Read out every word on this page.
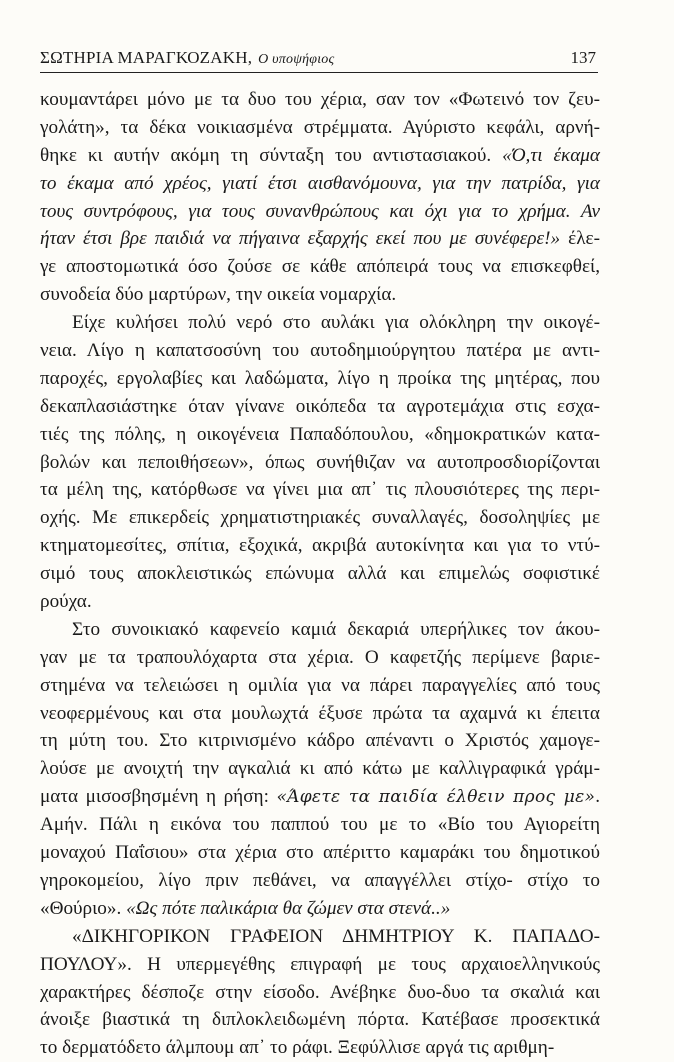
ΣΩΤΗΡΙΑ ΜΑΡΑΓΚΟΖΑΚΗ, Ο υποψήφιος	137
κουμαντάρει μόνο με τα δυο του χέρια, σαν τον «Φωτεινό τον ζευ-
γολάτη», τα δέκα νοικιασμένα στρέμματα. Αγύριστο κεφάλι, αρνή-
θηκε κι αυτήν ακόμη τη σύνταξη του αντιστασιακού. «Ό,τι έκαμα
το έκαμα από χρέος, γιατί έτσι αισθανόμουνα, για την πατρίδα, για
τους συντρόφους, για τους συνανθρώπους και όχι για το χρήμα. Αν
ήταν έτσι βρε παιδιά να πήγαινα εξαρχής εκεί που με συνέφερε!» έλε-
γε αποστομωτικά όσο ζούσε σε κάθε απόπειρά τους να επισκεφθεί,
συνοδεία δύο μαρτύρων, την οικεία νομαρχία.
Είχε κυλήσει πολύ νερό στο αυλάκι για ολόκληρη την οικογέ-
νεια. Λίγο η καπατσοσύνη του αυτοδημιούργητου πατέρα με αντι-
παροχές, εργολαβίες και λαδώματα, λίγο η προίκα της μητέρας, που
δεκαπλασιάστηκε όταν γίνανε οικόπεδα τα αγροτεμάχια στις εσχα-
τιές της πόλης, η οικογένεια Παπαδόπουλου, «δημοκρατικών κατα-
βολών και πεποιθήσεων», όπως συνήθιζαν να αυτοπροσδιορίζονται
τα μέλη της, κατόρθωσε να γίνει μια απ᾽ τις πλουσιότερες της περι-
οχής. Με επικερδείς χρηματιστηριακές συναλλαγές, δοσοληψίες με
κτηματομεσίτες, σπίτια, εξοχικά, ακριβά αυτοκίνητα και για το ντύ-
σιμό τους αποκλειστικώς επώνυμα αλλά και επιμελώς σοφιστικέ
ρούχα.
Στο συνοικιακό καφενείο καμιά δεκαριά υπερήλικες τον άκου-
γαν με τα τραπουλόχαρτα στα χέρια. Ο καφετζής περίμενε βαριε-
στημένα να τελειώσει η ομιλία για να πάρει παραγγελίες από τους
νεοφερμένους και στα μουλωχτά έξυσε πρώτα τα αχαμνά κι έπειτα
τη μύτη του. Στο κιτρινισμένο κάδρο απέναντι ο Χριστός χαμογε-
λούσε με ανοιχτή την αγκαλιά κι από κάτω με καλλιγραφικά γράμ-
ματα μισοσβησμένη η ρήση: «Άφετε τα παιδία έλθειν προς με».
Αμήν. Πάλι η εικόνα του παππού του με το «Βίο του Αγιορείτη
μοναχού Παΐσιου» στα χέρια στο απέριττο καμαράκι του δημοτικού
γηροκομείου, λίγο πριν πεθάνει, να απαγγέλλει στίχο- στίχο το
«Θούριο». «Ως πότε παλικάρια θα ζώμεν στα στενά..»
«ΔΙΚΗΓΟΡΙΚΟΝ ΓΡΑΦΕΙΟΝ ΔΗΜΗΤΡΙΟΥ Κ. ΠΑΠΑΔΟ-
ΠΟΥΛΟΥ». Η υπερμεγέθης επιγραφή με τους αρχαιοελληνικούς
χαρακτήρες δέσποζε στην είσοδο. Ανέβηκε δυο-δυο τα σκαλιά και
άνοιξε βιαστικά τη διπλοκλειδωμένη πόρτα. Κατέβασε προσεκτικά
το δερματόδετο άλμπουμ απ᾽ το ράφι. Ξεφύλλισε αργά τις αριθμη-
